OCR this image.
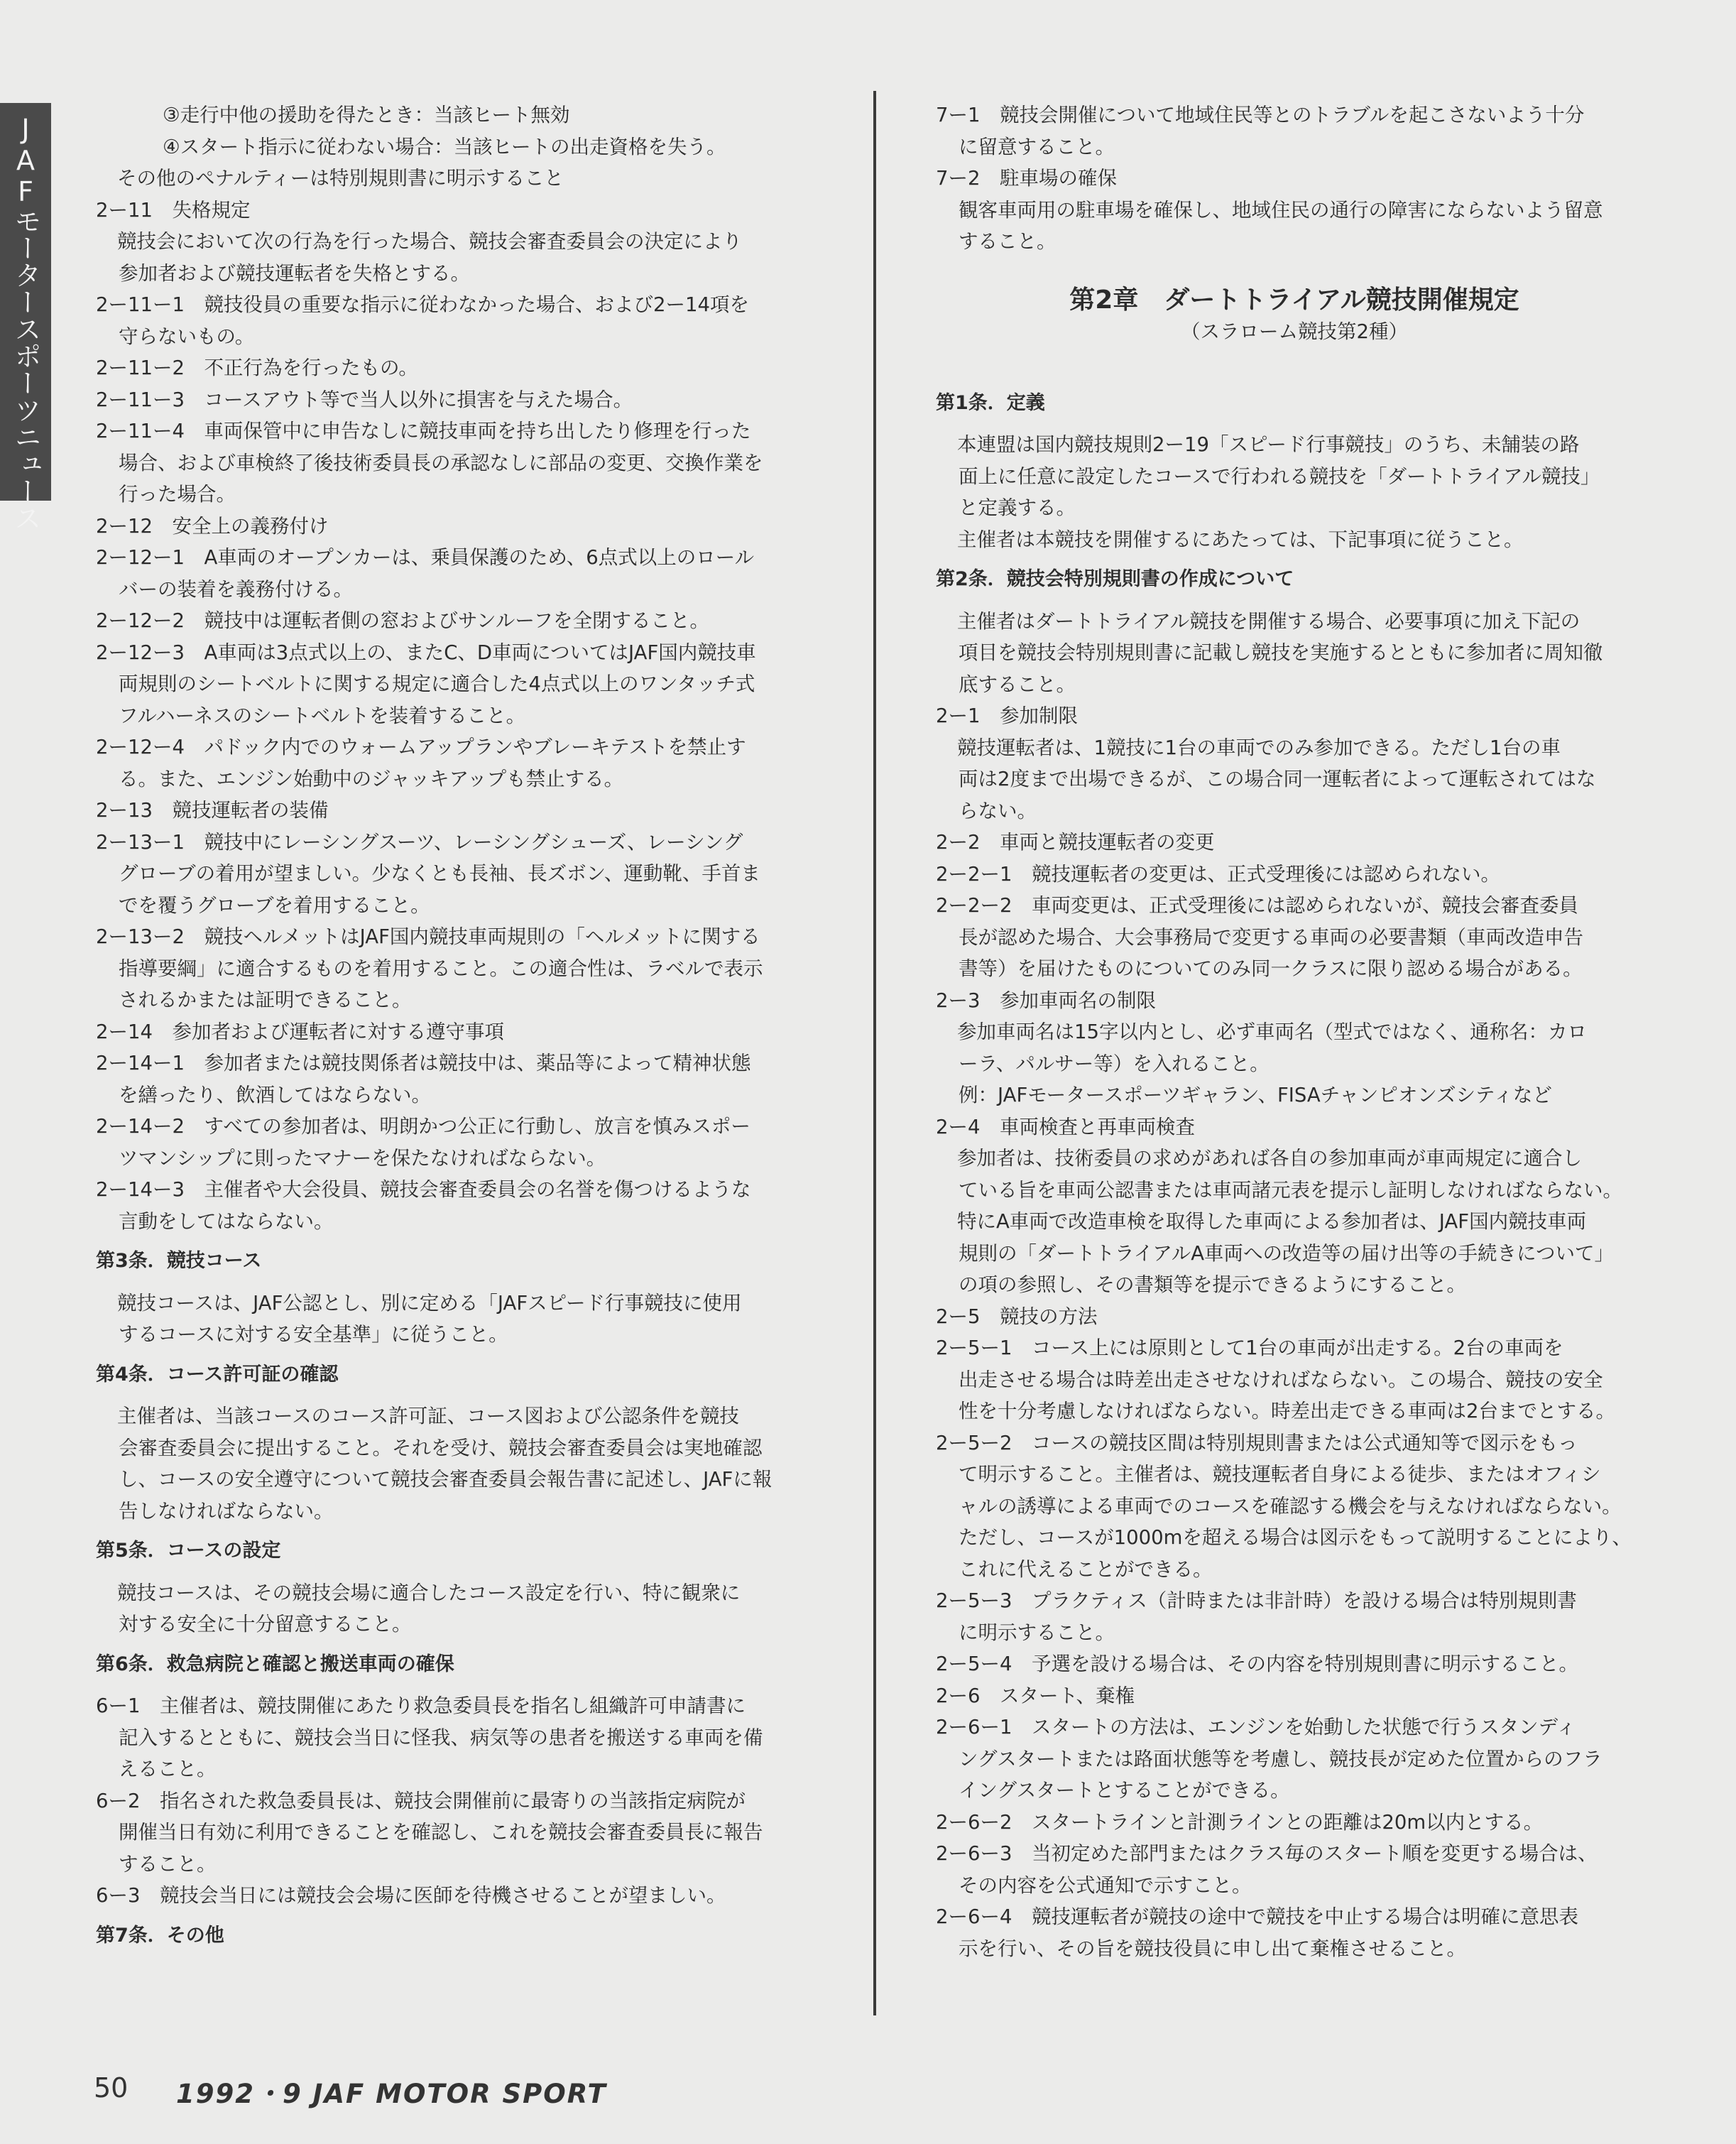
JAFモータースポーツニュース	③走行中他の援助を得たとき：当該ヒート無効

④スタート指示に従わない場合：当該ヒートの出走資格を失う。

その他のペナルティーは特別規則書に明示すること

2ー11　失格規定

競技会において次の行為を行った場合、競技会審査委員会の決定により

参加者および競技運転者を失格とする。

2ー11ー1　競技役員の重要な指示に従わなかった場合、および2ー14項を

守らないもの。

2ー11ー2　不正行為を行ったもの。

2ー11ー3　コースアウト等で当人以外に損害を与えた場合。

2ー11ー4　車両保管中に申告なしに競技車両を持ち出したり修理を行った

場合、および車検終了後技術委員長の承認なしに部品の変更、交換作業を

行った場合。

2ー12　安全上の義務付け

2ー12ー1　A車両のオープンカーは、乗員保護のため、6点式以上のロール

バーの装着を義務付ける。

2ー12ー2　競技中は運転者側の窓およびサンルーフを全閉すること。

2ー12ー3　A車両は3点式以上の、またC、D車両についてはJAF国内競技車

両規則のシートベルトに関する規定に適合した4点式以上のワンタッチ式

フルハーネスのシートベルトを装着すること。

2ー12ー4　パドック内でのウォームアップランやブレーキテストを禁止す

る。また、エンジン始動中のジャッキアップも禁止する。

2ー13　競技運転者の装備

2ー13ー1　競技中にレーシングスーツ、レーシングシューズ、レーシング

グローブの着用が望ましい。少なくとも長袖、長ズボン、運動靴、手首ま

でを覆うグローブを着用すること。

2ー13ー2　競技ヘルメットはJAF国内競技車両規則の「ヘルメットに関する

指導要綱」に適合するものを着用すること。この適合性は、ラベルで表示

されるかまたは証明できること。

2ー14　参加者および運転者に対する遵守事項

2ー14ー1　参加者または競技関係者は競技中は、薬品等によって精神状態

を繕ったり、飲酒してはならない。

2ー14ー2　すべての参加者は、明朗かつ公正に行動し、放言を慎みスポー

ツマンシップに則ったマナーを保たなければならない。

2ー14ー3　主催者や大会役員、競技会審査委員会の名誉を傷つけるような

言動をしてはならない。

第3条．競技コース

競技コースは、JAF公認とし、別に定める「JAFスピード行事競技に使用

するコースに対する安全基準」に従うこと。

第4条．コース許可証の確認

主催者は、当該コースのコース許可証、コース図および公認条件を競技

会審査委員会に提出すること。それを受け、競技会審査委員会は実地確認

し、コースの安全遵守について競技会審査委員会報告書に記述し、JAFに報

告しなければならない。

第5条．コースの設定

競技コースは、その競技会場に適合したコース設定を行い、特に観衆に

対する安全に十分留意すること。

第6条．救急病院と確認と搬送車両の確保

6ー1　主催者は、競技開催にあたり救急委員長を指名し組織許可申請書に

記入するとともに、競技会当日に怪我、病気等の患者を搬送する車両を備

えること。

6ー2　指名された救急委員長は、競技会開催前に最寄りの当該指定病院が

開催当日有効に利用できることを確認し、これを競技会審査委員長に報告

すること。

6ー3　競技会当日には競技会会場に医師を待機させることが望ましい。

第7条．その他

7ー1　競技会開催について地域住民等とのトラブルを起こさないよう十分

に留意すること。

7ー2　駐車場の確保

観客車両用の駐車場を確保し、地域住民の通行の障害にならないよう留意

すること。

第2章　ダートトライアル競技開催規定

（スラローム競技第2種）

第1条．定義

本連盟は国内競技規則2ー19「スピード行事競技」のうち、未舗装の路

面上に任意に設定したコースで行われる競技を「ダートトライアル競技」

と定義する。

主催者は本競技を開催するにあたっては、下記事項に従うこと。

第2条．競技会特別規則書の作成について

主催者はダートトライアル競技を開催する場合、必要事項に加え下記の

項目を競技会特別規則書に記載し競技を実施するとともに参加者に周知徹

底すること。

2ー1　参加制限

競技運転者は、1競技に1台の車両でのみ参加できる。ただし1台の車

両は2度まで出場できるが、この場合同一運転者によって運転されてはな

らない。

2ー2　車両と競技運転者の変更

2ー2ー1　競技運転者の変更は、正式受理後には認められない。

2ー2ー2　車両変更は、正式受理後には認められないが、競技会審査委員

長が認めた場合、大会事務局で変更する車両の必要書類（車両改造申告

書等）を届けたものについてのみ同一クラスに限り認める場合がある。

2ー3　参加車両名の制限

参加車両名は15字以内とし、必ず車両名（型式ではなく、通称名：カロ

ーラ、パルサー等）を入れること。

例：JAFモータースポーツギャラン、FISAチャンピオンズシティなど

2ー4　車両検査と再車両検査

参加者は、技術委員の求めがあれば各自の参加車両が車両規定に適合し

ている旨を車両公認書または車両諸元表を提示し証明しなければならない。

特にA車両で改造車検を取得した車両による参加者は、JAF国内競技車両

規則の「ダートトライアルA車両への改造等の届け出等の手続きについて」

の項の参照し、その書類等を提示できるようにすること。

2ー5　競技の方法

2ー5ー1　コース上には原則として1台の車両が出走する。2台の車両を

出走させる場合は時差出走させなければならない。この場合、競技の安全

性を十分考慮しなければならない。時差出走できる車両は2台までとする。

2ー5ー2　コースの競技区間は特別規則書または公式通知等で図示をもっ

て明示すること。主催者は、競技運転者自身による徒歩、またはオフィシ

ャルの誘導による車両でのコースを確認する機会を与えなければならない。

ただし、コースが1000mを超える場合は図示をもって説明することにより、

これに代えることができる。

2ー5ー3　プラクティス（計時または非計時）を設ける場合は特別規則書

に明示すること。

2ー5ー4　予選を設ける場合は、その内容を特別規則書に明示すること。

2ー6　スタート、棄権

2ー6ー1　スタートの方法は、エンジンを始動した状態で行うスタンディ

ングスタートまたは路面状態等を考慮し、競技長が定めた位置からのフラ

イングスタートとすることができる。

2ー6ー2　スタートラインと計測ラインとの距離は20m以内とする。

2ー6ー3　当初定めた部門またはクラス毎のスタート順を変更する場合は、

その内容を公式通知で示すこと。

2ー6ー4　競技運転者が競技の途中で競技を中止する場合は明確に意思表

示を行い、その旨を競技役員に申し出て棄権させること。

50 1992・9 JAF MOTOR SPORT
